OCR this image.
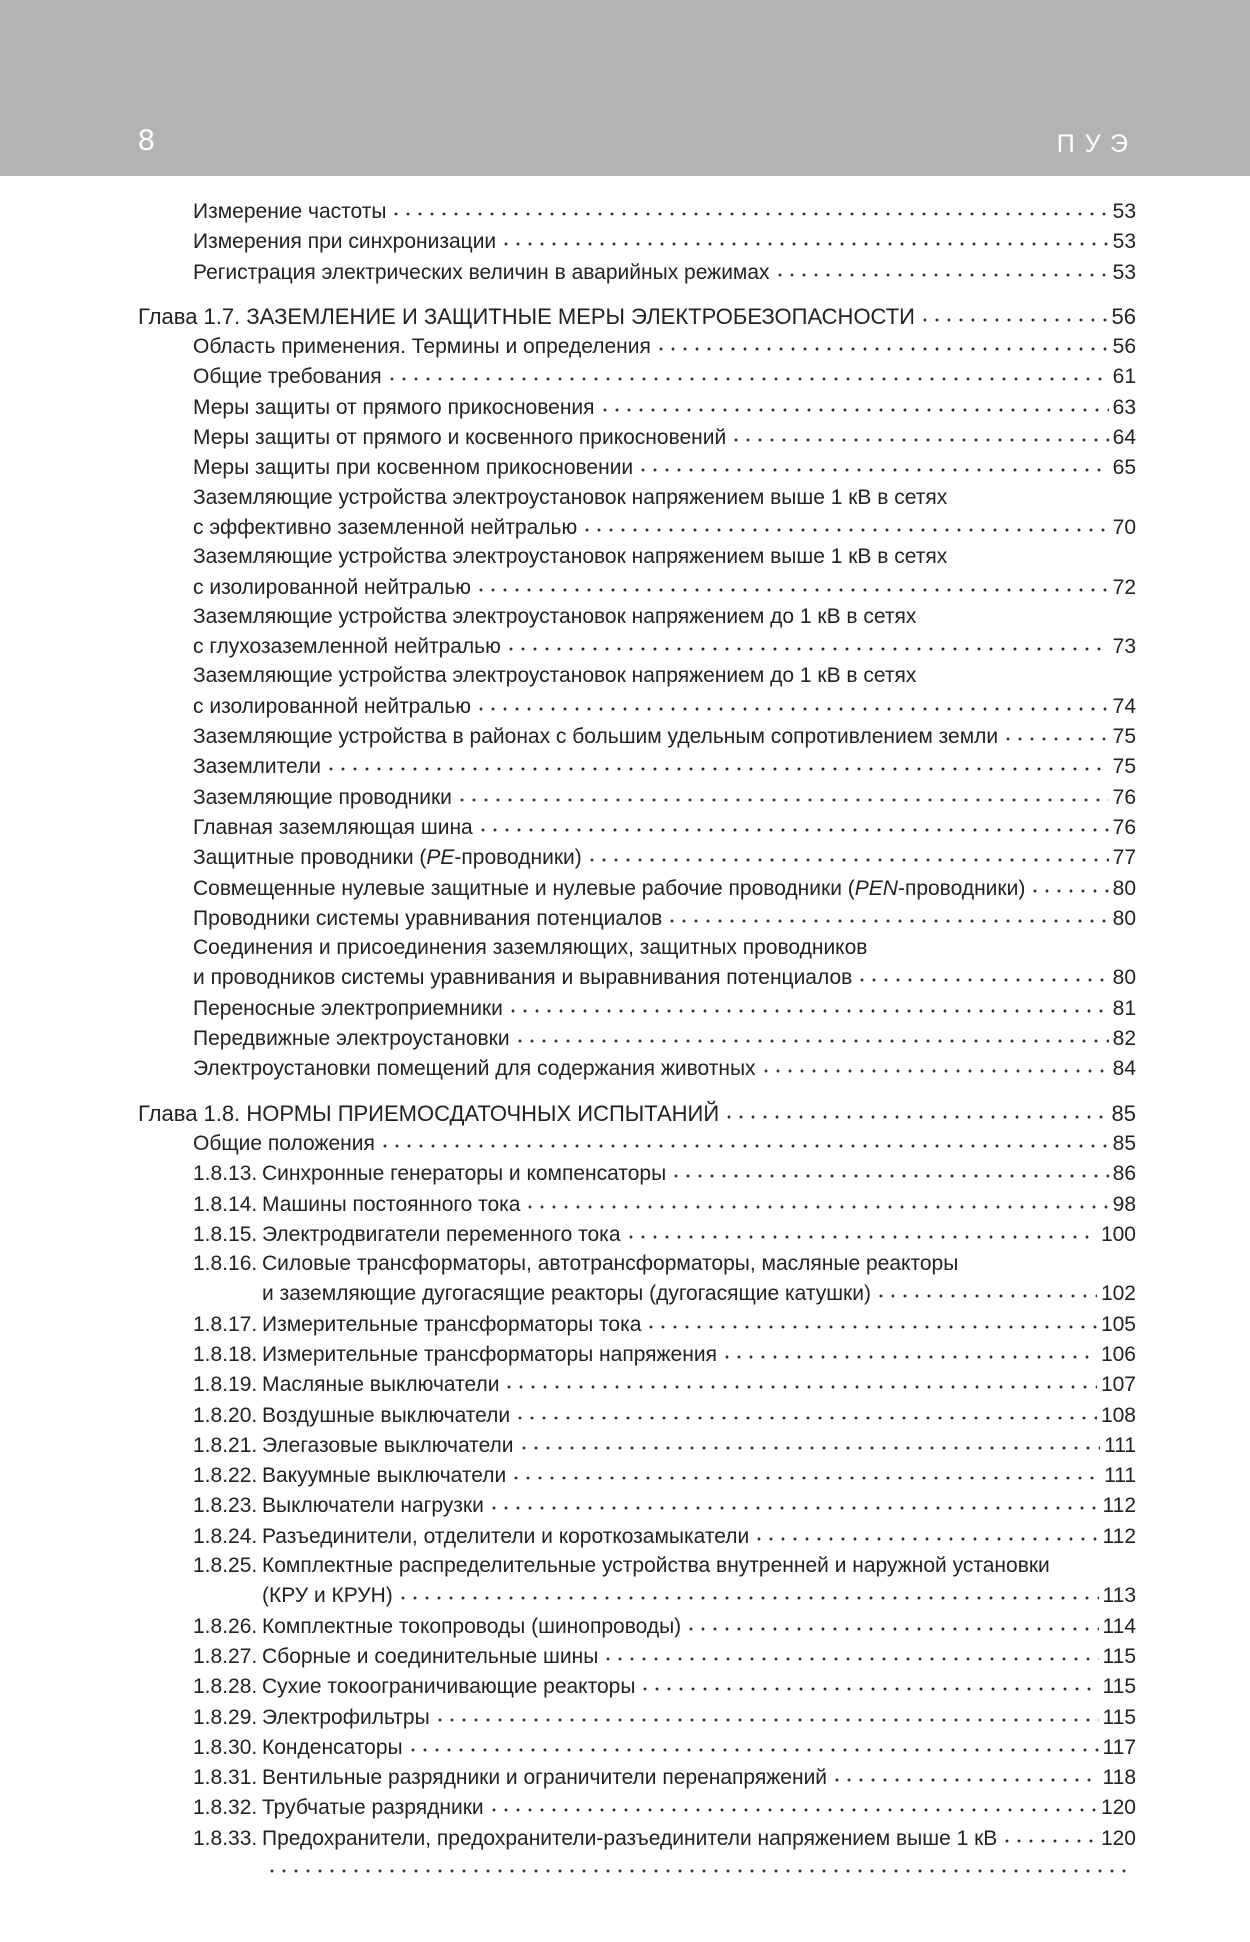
8	ПУЭ
Измерение частоты	53
Измерения при синхронизации	53
Регистрация электрических величин в аварийных режимах	53
Глава 1.7. ЗАЗЕМЛЕНИЕ И ЗАЩИТНЫЕ МЕРЫ ЭЛЕКТРОБЕЗОПАСНОСТИ	56
Область применения. Термины и определения	56
Общие требования	61
Меры защиты от прямого прикосновения	63
Меры защиты от прямого и косвенного прикосновений	64
Меры защиты при косвенном прикосновении	65
Заземляющие устройства электроустановок напряжением выше 1 кВ в сетях
с эффективно заземленной нейтралью	70
Заземляющие устройства электроустановок напряжением выше 1 кВ в сетях
с изолированной нейтралью	72
Заземляющие устройства электроустановок напряжением до 1 кВ в сетях
с глухозаземленной нейтралью	73
Заземляющие устройства электроустановок напряжением до 1 кВ в сетях
с изолированной нейтралью	74
Заземляющие устройства в районах с большим удельным сопротивлением земли	75
Заземлители	75
Заземляющие проводники	76
Главная заземляющая шина	76
Защитные проводники (PE-проводники)	77
Совмещенные нулевые защитные и нулевые рабочие проводники (PEN-проводники)	80
Проводники системы уравнивания потенциалов	80
Соединения и присоединения заземляющих, защитных проводников
и проводников системы уравнивания и выравнивания потенциалов	80
Переносные электроприемники	81
Передвижные электроустановки	82
Электроустановки помещений для содержания животных	84
Глава 1.8. НОРМЫ ПРИЕМОСДАТОЧНЫХ ИСПЫТАНИЙ	85
Общие положения	85
1.8.13. Синхронные генераторы и компенсаторы	86
1.8.14. Машины постоянного тока	98
1.8.15. Электродвигатели переменного тока	100
1.8.16. Силовые трансформаторы, автотрансформаторы, масляные реакторы
и заземляющие дугогасящие реакторы (дугогасящие катушки)	102
1.8.17. Измерительные трансформаторы тока	105
1.8.18. Измерительные трансформаторы напряжения	106
1.8.19. Масляные выключатели	107
1.8.20. Воздушные выключатели	108
1.8.21. Элегазовые выключатели	111
1.8.22. Вакуумные выключатели	111
1.8.23. Выключатели нагрузки	112
1.8.24. Разъединители, отделители и короткозамыкатели	112
1.8.25. Комплектные распределительные устройства внутренней и наружной установки
(КРУ и КРУН)	113
1.8.26. Комплектные токопроводы (шинопроводы)	114
1.8.27. Сборные и соединительные шины	115
1.8.28. Сухие токоограничивающие реакторы	115
1.8.29. Электрофильтры	115
1.8.30. Конденсаторы	117
1.8.31. Вентильные разрядники и ограничители перенапряжений	118
1.8.32. Трубчатые разрядники	120
1.8.33. Предохранители, предохранители-разъединители напряжением выше 1 кВ	120
